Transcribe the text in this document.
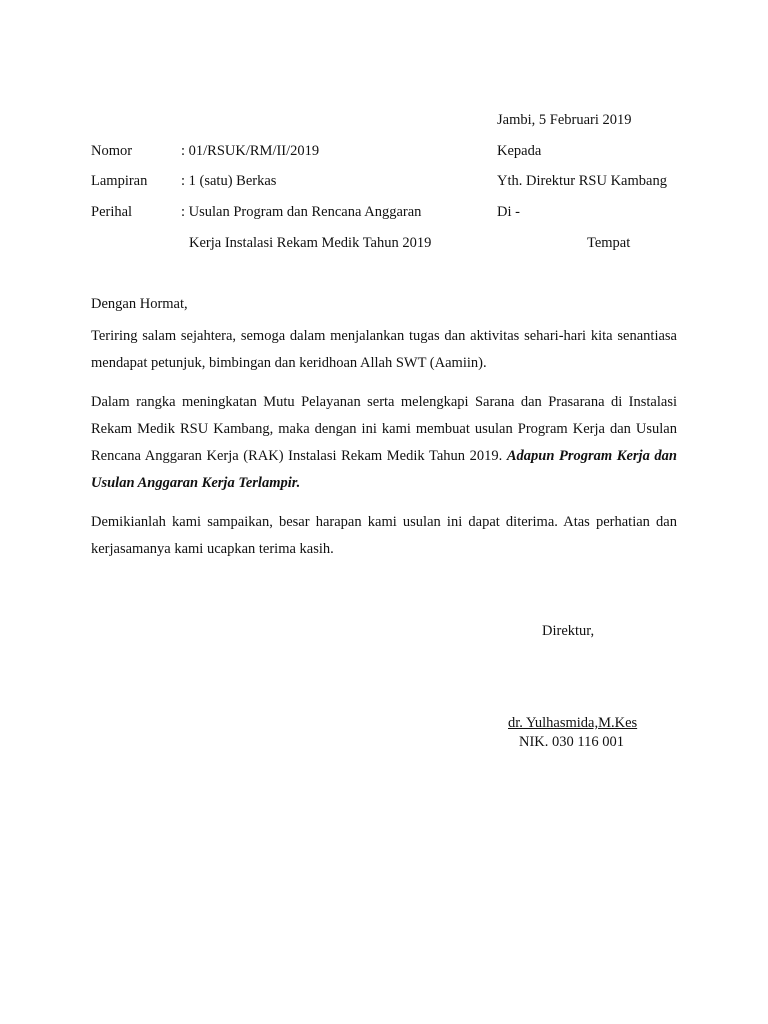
Jambi, 5 Februari 2019
Nomor	: 01/RSUK/RM/II/2019
Lampiran : 1 (satu) Berkas
Perihal	: Usulan Program dan Rencana Anggaran
Kerja Instalasi Rekam Medik Tahun 2019
Kepada
Yth. Direktur RSU Kambang
Di -
Tempat
Dengan Hormat,

Teriring salam sejahtera, semoga dalam menjalankan tugas dan aktivitas sehari-hari kita senantiasa mendapat petunjuk, bimbingan dan keridhoan Allah SWT (Aamiin).

Dalam rangka meningkatan Mutu Pelayanan serta melengkapi Sarana dan Prasarana di Instalasi Rekam Medik RSU Kambang, maka dengan ini kami membuat usulan Program Kerja dan Usulan Rencana Anggaran Kerja (RAK) Instalasi Rekam Medik Tahun 2019. Adapun Program Kerja dan Usulan Anggaran Kerja Terlampir.

Demikianlah kami sampaikan, besar harapan kami usulan ini dapat diterima. Atas perhatian dan kerjasamanya kami ucapkan terima kasih.

Direktur,
dr. Yulhasmida,M.Kes
NIK. 030 116 001
